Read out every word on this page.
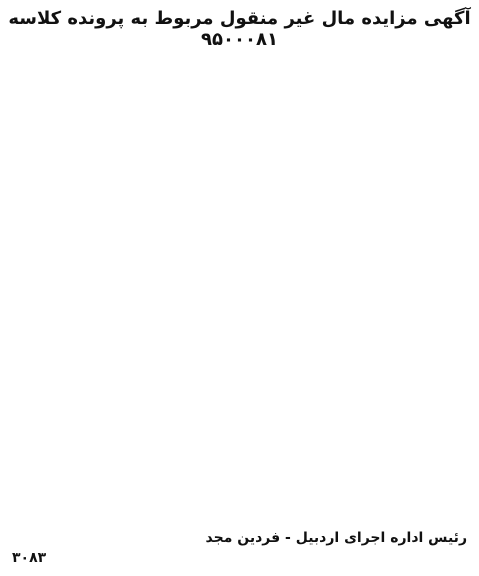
آگهی مزایده مال غیر منقول مربوط به پرونده کلاسه ۹۵۰۰۰۸۱
رئیس اداره اجرای اردبیل - فردین مجد
۳۰۸۳
